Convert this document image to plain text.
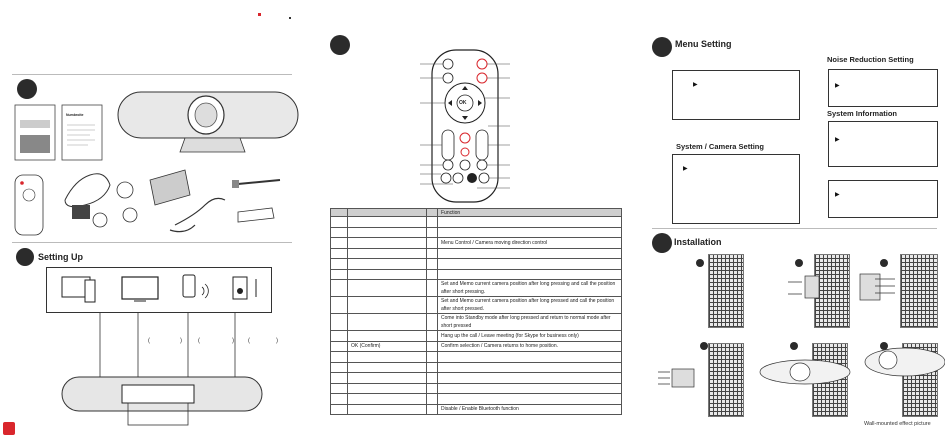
Numbroite
Setting Up
(	)	(	) (	)
OK
			Function

			Menu Control / Camera moving direction control

			Set and Memo current camera position after long pressing and call the position after short pressing.
			Set and Memo current camera position after long pressed and call the position after short pressed.
			Come into Standby mode after long pressed and return to normal mode after short pressed
			Hang up the call / Leave meeting (for Skype for business only)
	OK (Confirm)		Confirm selection / Camera returns to home position.

			Disable / Enable Bluetooth function
Menu Setting
▶
Noise Reduction Setting
▶
System Information
▶
System / Camera Setting
▶
▶
Installation
Wall-mounted effect picture
